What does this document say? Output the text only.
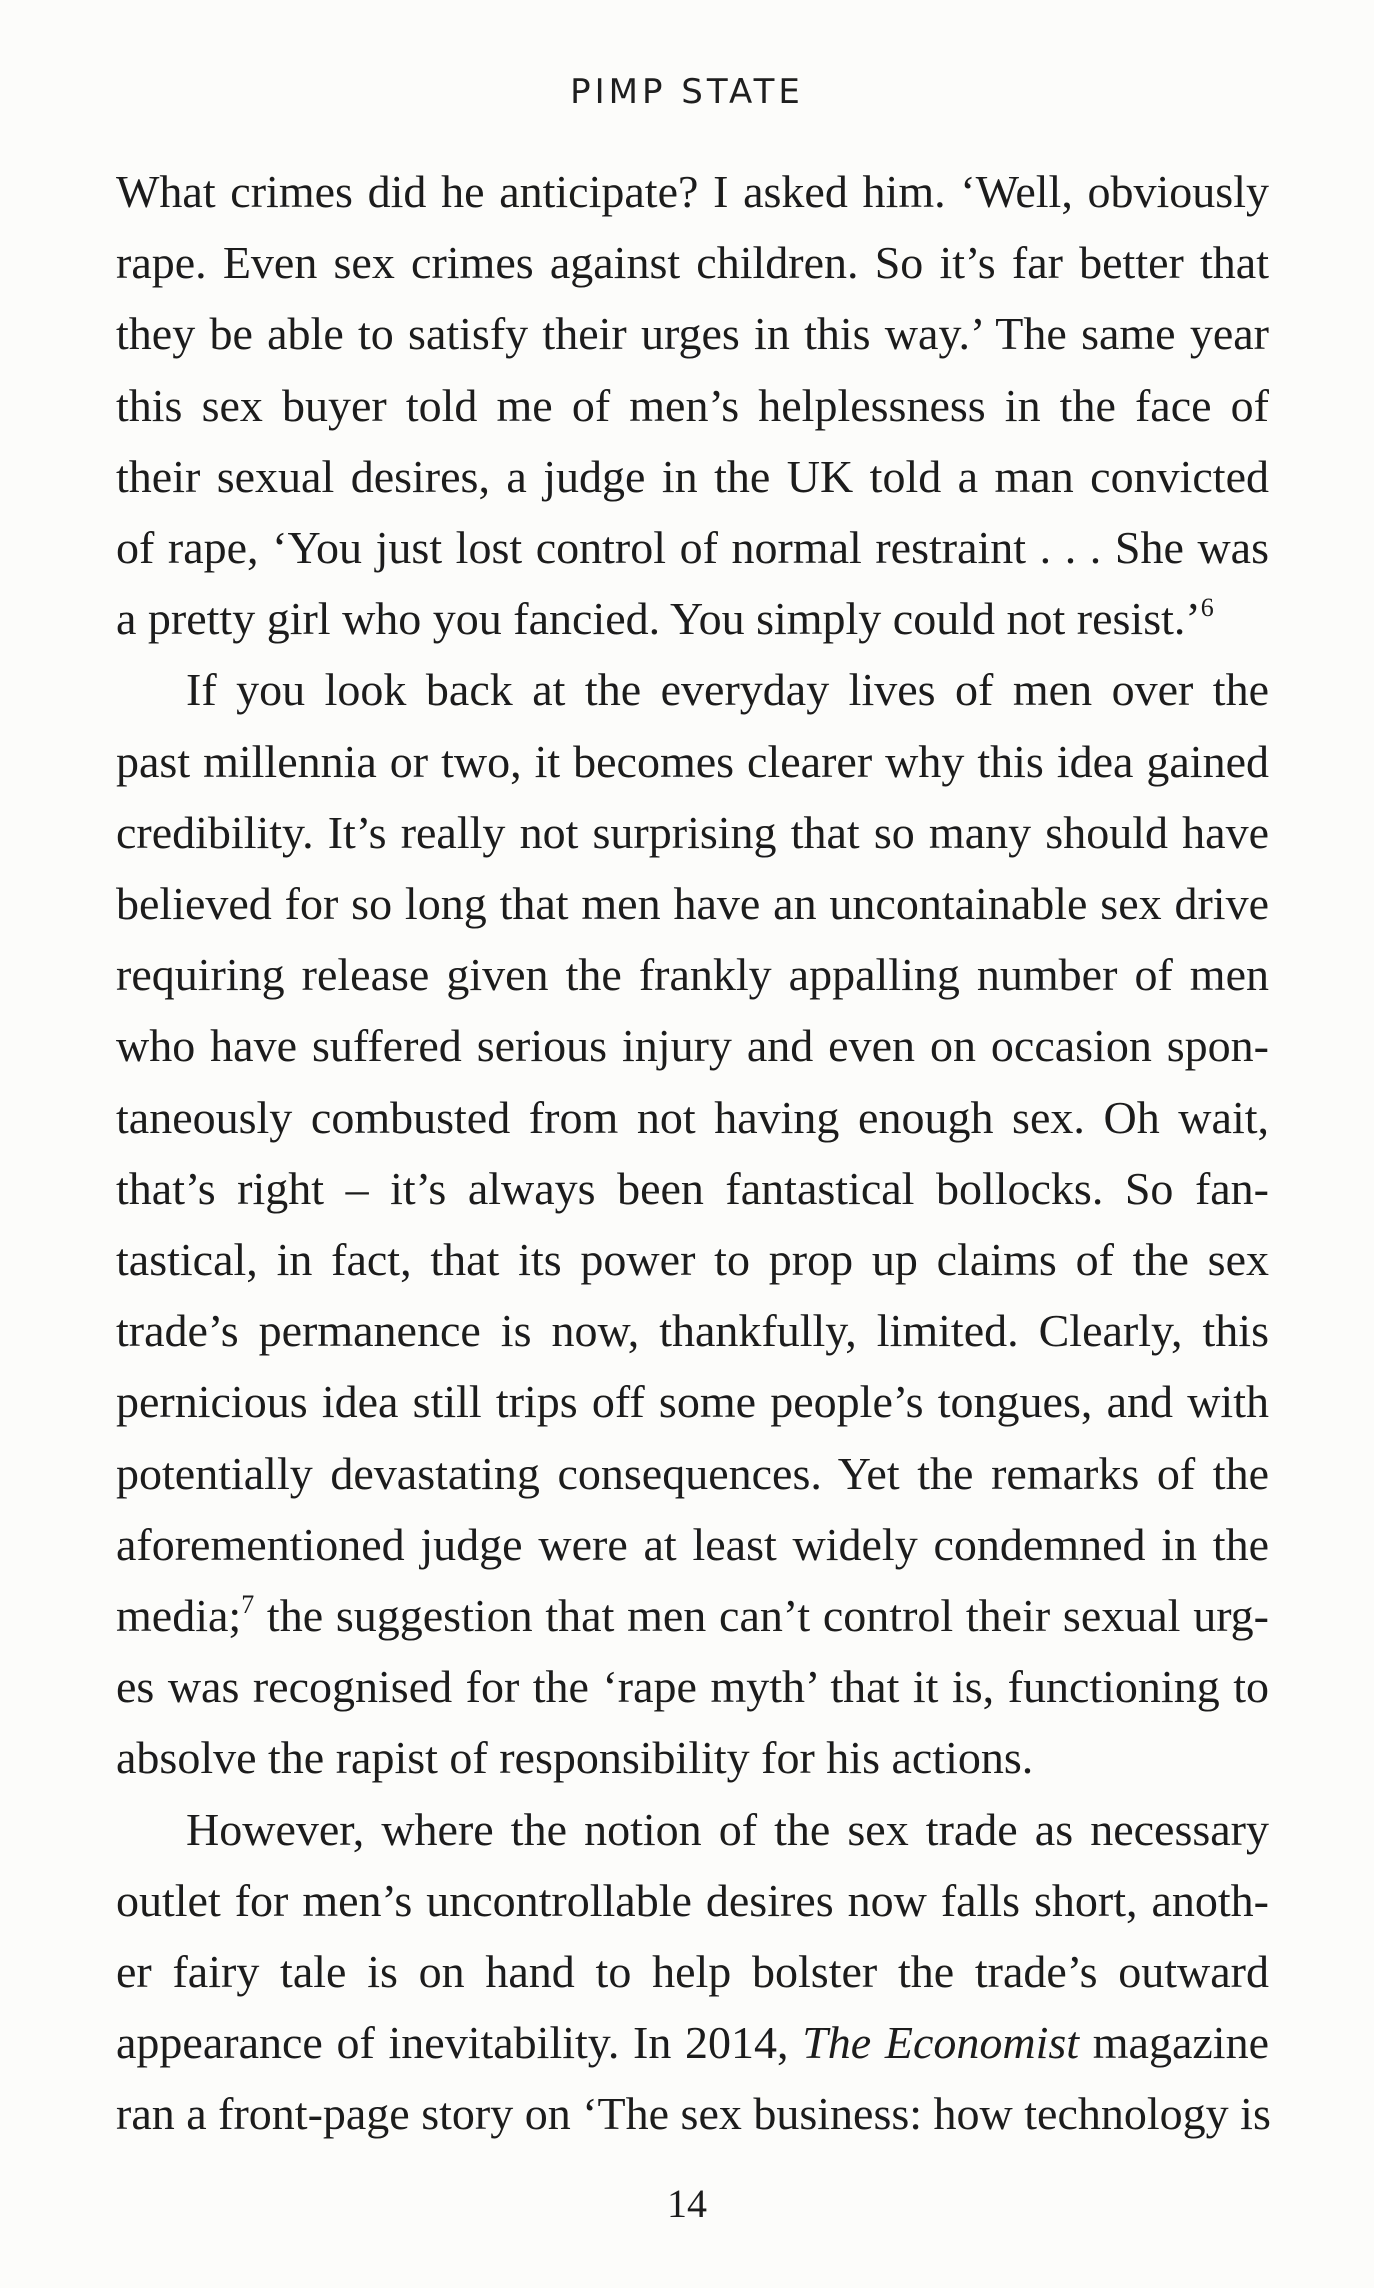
PIMP STATE

What crimes did he anticipate? I asked him. ‘Well, obviously
rape. Even sex crimes against children. So it’s far better that
they be able to satisfy their urges in this way.’ The same year
this sex buyer told me of men’s helplessness in the face of
their sexual desires, a judge in the UK told a man convicted
of rape, ‘You just lost control of normal restraint . . . She was
a pretty girl who you fancied. You simply could not resist.’$^6$

If you look back at the everyday lives of men over the
past millennia or two, it becomes clearer why this idea gained
credibility. It’s really not surprising that so many should have
believed for so long that men have an uncontainable sex drive
requiring release given the frankly appalling number of men
who have suffered serious injury and even on occasion spon-
taneously combusted from not having enough sex. Oh wait,
that’s right – it’s always been fantastical bollocks. So fan-
tastical, in fact, that its power to prop up claims of the sex
trade’s permanence is now, thankfully, limited. Clearly, this
pernicious idea still trips off some people’s tongues, and with
potentially devastating consequences. Yet the remarks of the
aforementioned judge were at least widely condemned in the
media;$^7$ the suggestion that men can’t control their sexual urg-
es was recognised for the ‘rape myth’ that it is, functioning to
absolve the rapist of responsibility for his actions.

However, where the notion of the sex trade as necessary
outlet for men’s uncontrollable desires now falls short, anoth-
er fairy tale is on hand to help bolster the trade’s outward
appearance of inevitability. In 2014, The Economist magazine
ran a front-page story on ‘The sex business: how technology is

14
